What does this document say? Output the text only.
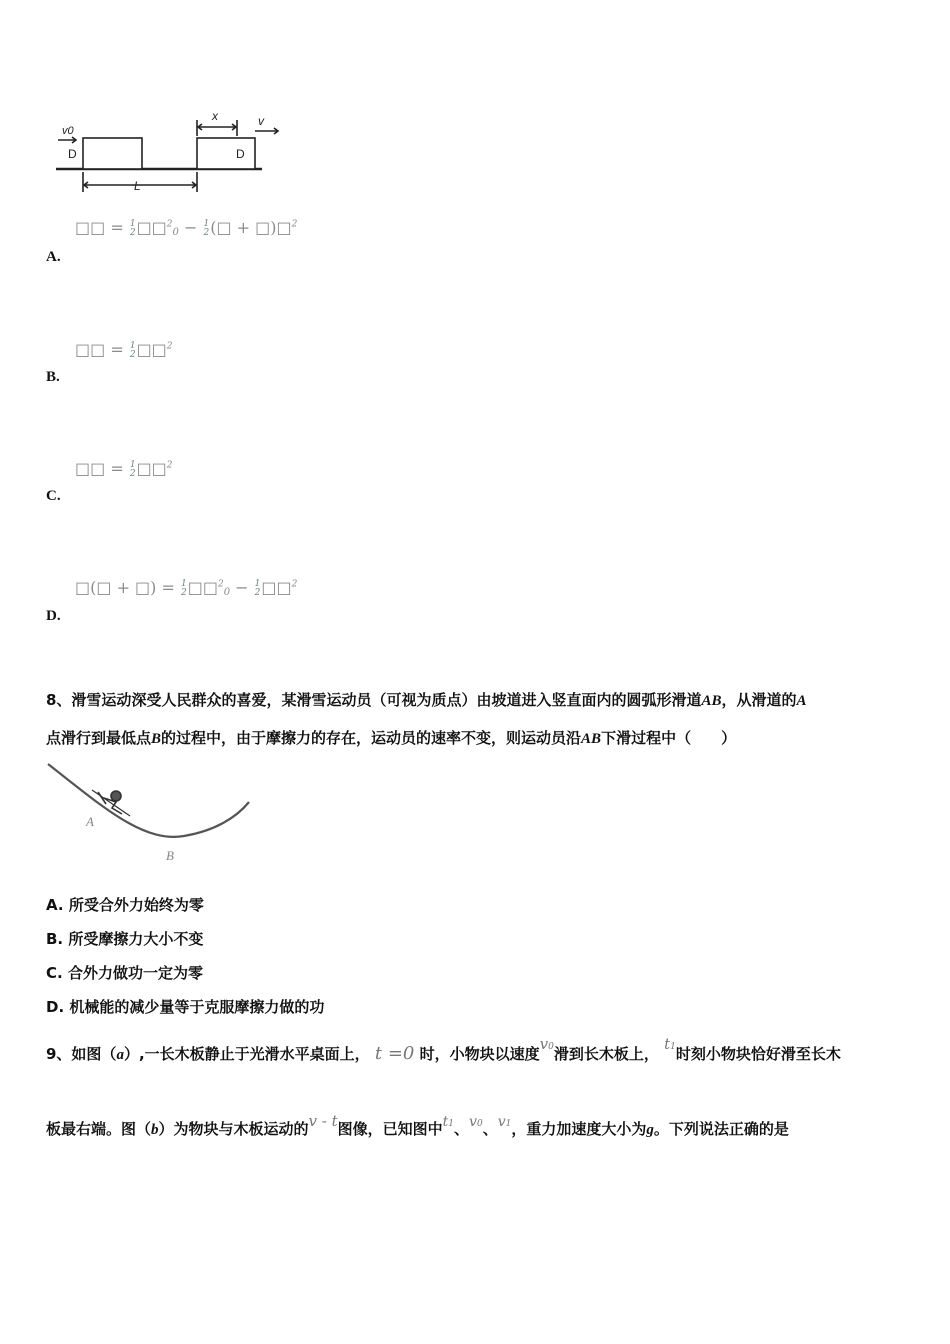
v0
x	v
L
D	D
□□ = 1
2□□$^2_0$ − 1
2(□ + □)□$^2$
A.
□□ = 1
2□□$^2$
B.
□□ = 1
2□□$^2$
C.
□(□ + □) = 1
2□□$^2_0$ − 1
2□□$^2$
D.
8、滑雪运动深受人民群众的喜爱，某滑雪运动员（可视为质点）由坡道进入竖直面内的圆弧形滑道AB，从滑道的A
点滑行到最低点B的过程中，由于摩擦力的存在，运动员的速率不变，则运动员沿AB下滑过程中（　　）
A
B
A. 所受合外力始终为零
B. 所受摩擦力大小不变
C. 合外力做功一定为零
D. 机械能的减少量等于克服摩擦力做的功
9、如图（a）,一长木板静止于光滑水平桌面上， t =0 时，小物块以速度v0滑到长木板上， t1时刻小物块恰好滑至长木
板最右端。图（b）为物块与木板运动的v - t图像，已知图中t1、v0、v1，重力加速度大小为g。下列说法正确的是
